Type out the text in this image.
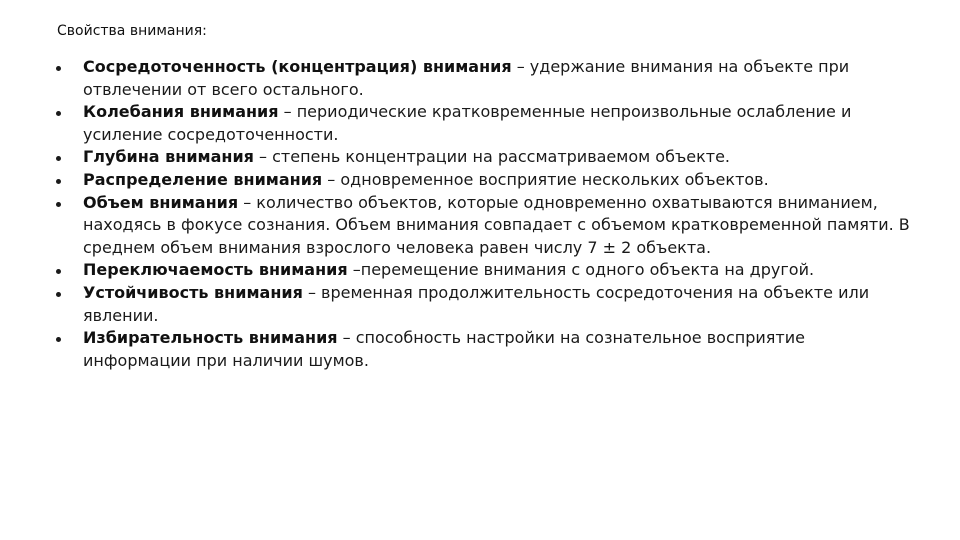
Свойства внимания:

Сосредоточенность (концентрация) внимания – удержание внимания на объекте при отвлечении от всего остального.
Колебания внимания – периодические кратковременные непроизвольные ослабление и усиление сосредоточенности.
Глубина внимания – степень концентрации на рассматриваемом объекте.
Распределение внимания – одновременное восприятие нескольких объектов.
Объем внимания – количество объектов, которые одновременно охватываются вниманием, находясь в фокусе сознания. Объем внимания совпадает с объемом кратковременной памяти. В среднем объем внимания взрослого человека равен числу 7 ± 2 объекта.
Переключаемость внимания –перемещение внимания с одного объекта на другой.
Устойчивость внимания – временная продолжительность сосредоточения на объекте или явлении.
Избирательность внимания – способность настройки на сознательное восприятие информации при наличии шумов.
